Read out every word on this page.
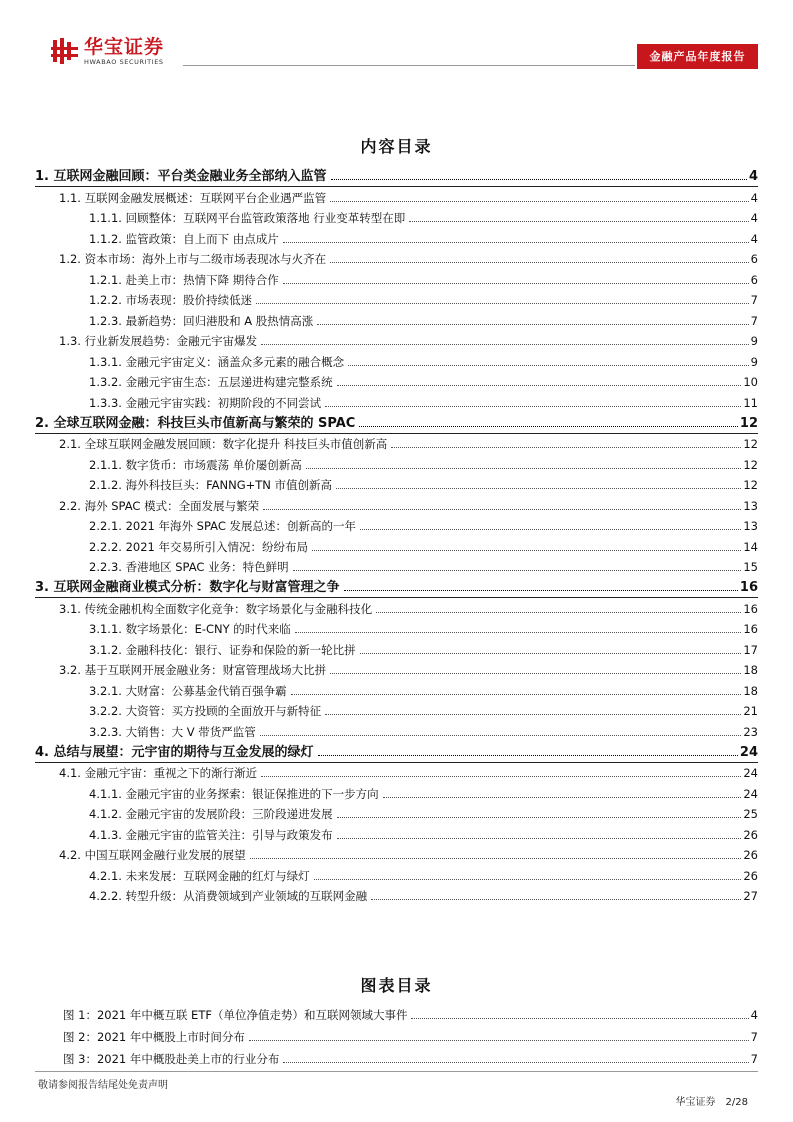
华宝证券
HWABAO SECURITIES	金融产品年度报告
内容目录
1. 互联网金融回顾：平台类金融业务全部纳入监管	4
1.1. 互联网金融发展概述：互联网平台企业遇严监管	4
1.1.1. 回顾整体：互联网平台监管政策落地 行业变革转型在即	4
1.1.2. 监管政策：自上而下 由点成片	4
1.2. 资本市场：海外上市与二级市场表现冰与火齐在	6
1.2.1. 赴美上市：热情下降 期待合作	6
1.2.2. 市场表现：股价持续低迷	7
1.2.3. 最新趋势：回归港股和 A 股热情高涨	7
1.3. 行业新发展趋势：金融元宇宙爆发	9
1.3.1. 金融元宇宙定义：涵盖众多元素的融合概念	9
1.3.2. 金融元宇宙生态：五层递进构建完整系统	10
1.3.3. 金融元宇宙实践：初期阶段的不同尝试	11
2. 全球互联网金融：科技巨头市值新高与繁荣的 SPAC	12
2.1. 全球互联网金融发展回顾：数字化提升 科技巨头市值创新高	12
2.1.1. 数字货币：市场震荡 单价屡创新高	12
2.1.2. 海外科技巨头：FANNG+TN 市值创新高	12
2.2. 海外 SPAC 模式：全面发展与繁荣	13
2.2.1. 2021 年海外 SPAC 发展总述：创新高的一年	13
2.2.2. 2021 年交易所引入情况：纷纷布局	14
2.2.3. 香港地区 SPAC 业务：特色鲜明	15
3. 互联网金融商业模式分析：数字化与财富管理之争	16
3.1. 传统金融机构全面数字化竞争：数字场景化与金融科技化	16
3.1.1. 数字场景化：E-CNY 的时代来临	16
3.1.2. 金融科技化：银行、证券和保险的新一轮比拼	17
3.2. 基于互联网开展金融业务：财富管理战场大比拼	18
3.2.1. 大财富：公募基金代销百强争霸	18
3.2.2. 大资管：买方投顾的全面放开与新特征	21
3.2.3. 大销售：大 V 带货严监管	23
4. 总结与展望：元宇宙的期待与互金发展的绿灯	24
4.1. 金融元宇宙：重视之下的渐行渐近	24
4.1.1. 金融元宇宙的业务探索：银证保推进的下一步方向	24
4.1.2. 金融元宇宙的发展阶段：三阶段递进发展	25
4.1.3. 金融元宇宙的监管关注：引导与政策发布	26
4.2. 中国互联网金融行业发展的展望	26
4.2.1. 未来发展：互联网金融的红灯与绿灯	26
4.2.2. 转型升级：从消费领域到产业领域的互联网金融	27
图表目录
图 1：2021 年中概互联 ETF（单位净值走势）和互联网领域大事件	4
图 2：2021 年中概股上市时间分布	7
图 3：2021 年中概股赴美上市的行业分布	7
敬请参阅报告结尾处免责声明
华宝证券 2/28
